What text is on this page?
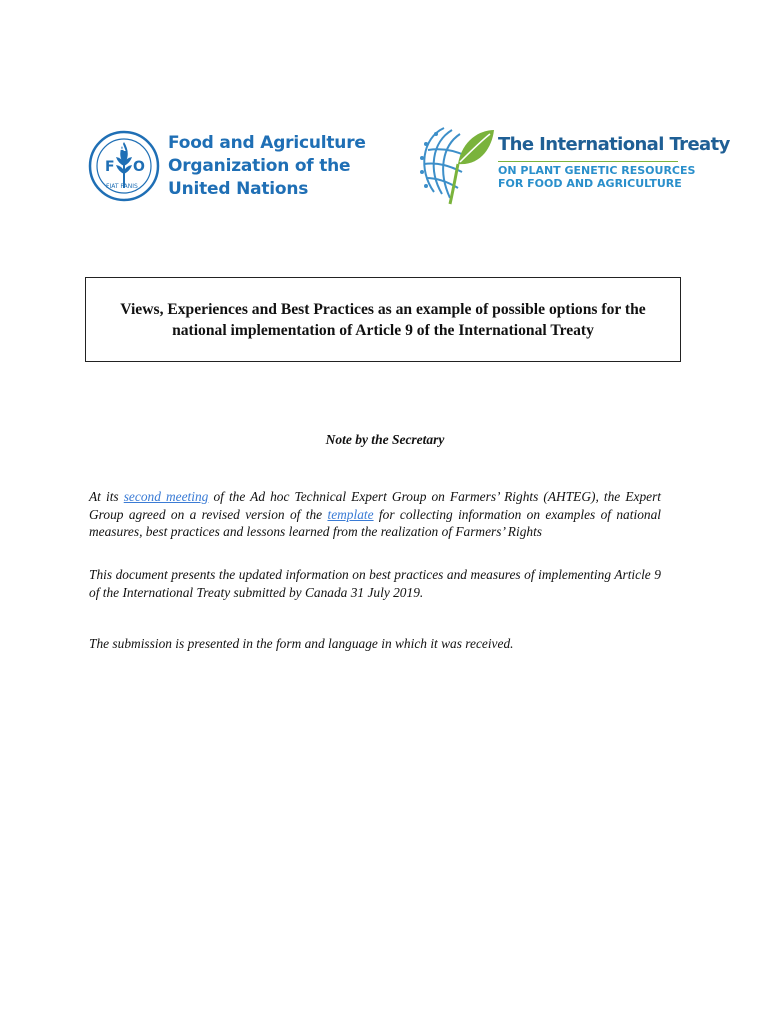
F
A
O
FIAT PANIS
Food and Agriculture
Organization of the
United Nations
The International Treaty
ON PLANT GENETIC RESOURCES
FOR FOOD AND AGRICULTURE
Views, Experiences and Best Practices as an example of possible options for the national implementation of Article 9 of the International Treaty
Note by the Secretary
At its second meeting of the Ad hoc Technical Expert Group on Farmers’ Rights (AHTEG), the Expert Group agreed on a revised version of the template for collecting information on examples of national measures, best practices and lessons learned from the realization of Farmers’ Rights
This document presents the updated information on best practices and measures of implementing Article 9 of the International Treaty submitted by Canada 31 July 2019.
The submission is presented in the form and language in which it was received.
